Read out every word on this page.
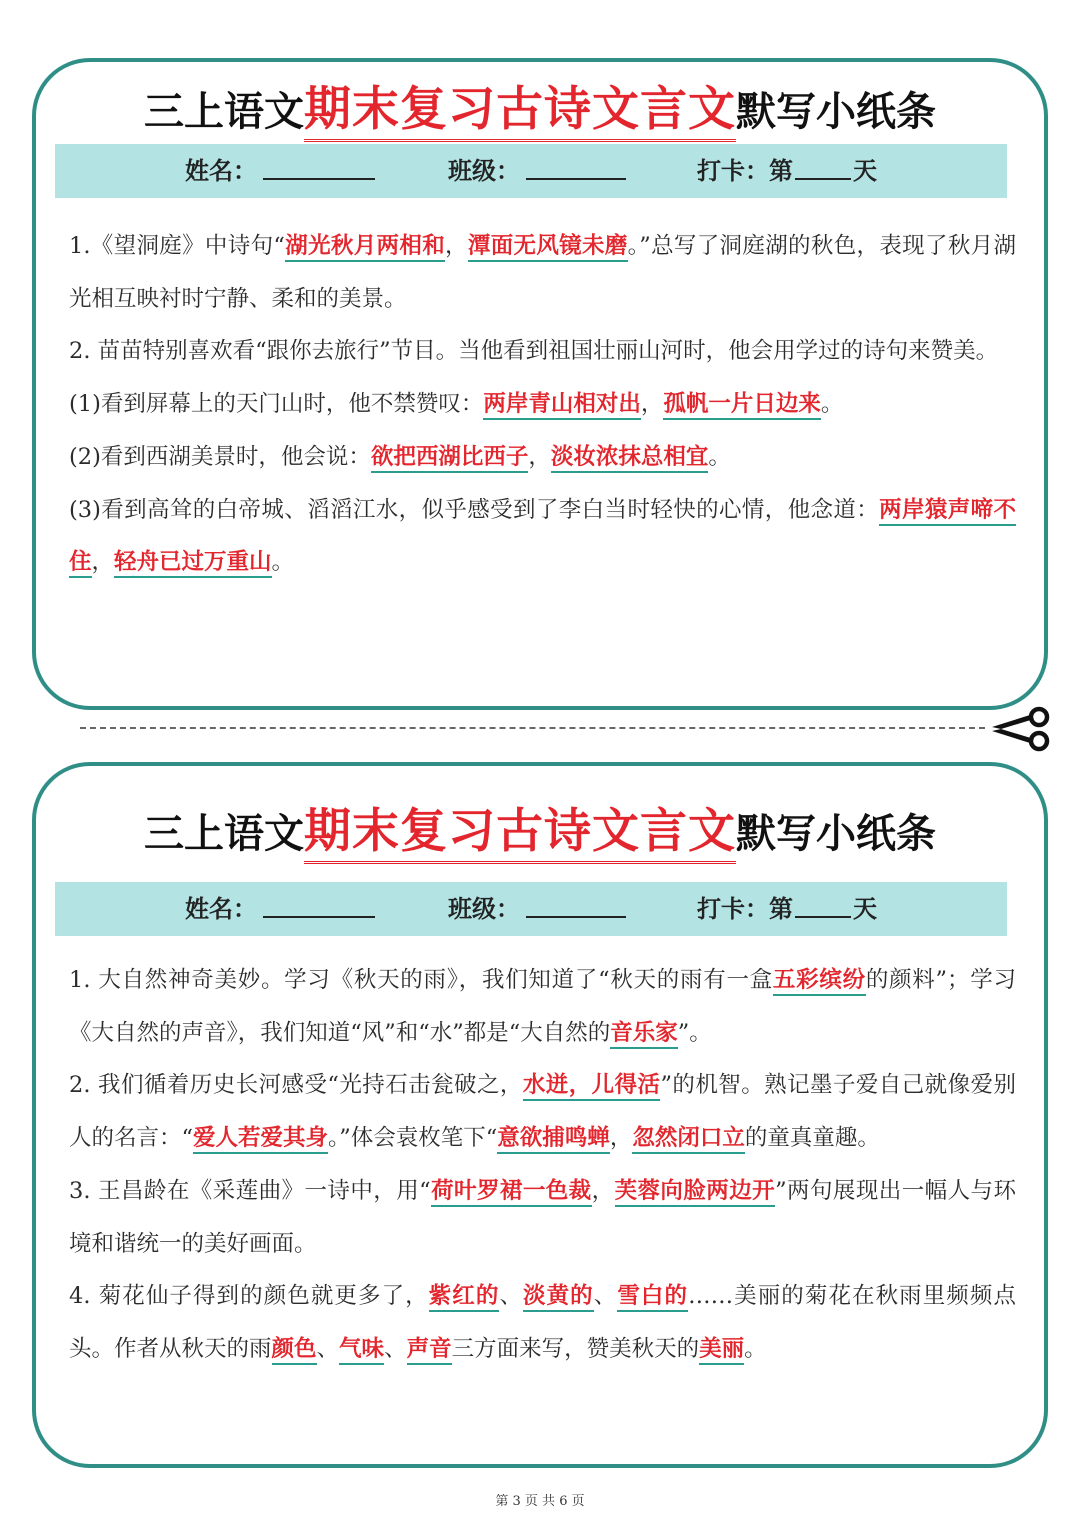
三上语文期末复习古诗文言文默写小纸条
姓名：	班级：	打卡：第	天

1.《望洞庭》中诗句“湖光秋月两相和，潭面无风镜未磨。”总写了洞庭湖的秋色，表现了秋月湖光相互映衬时宁静、柔和的美景。

2. 苗苗特别喜欢看“跟你去旅行”节目。当他看到祖国壮丽山河时，他会用学过的诗句来赞美。

(1)看到屏幕上的天门山时，他不禁赞叹：两岸青山相对出，孤帆一片日边来。

(2)看到西湖美景时，他会说：欲把西湖比西子，淡妆浓抹总相宜。

(3)看到高耸的白帝城、滔滔江水，似乎感受到了李白当时轻快的心情，他念道：两岸猿声啼不住，轻舟已过万重山。

三上语文期末复习古诗文言文默写小纸条
姓名：	班级：	打卡：第	天

1. 大自然神奇美妙。学习《秋天的雨》，我们知道了“秋天的雨有一盒五彩缤纷的颜料”；学习《大自然的声音》，我们知道“风”和“水”都是“大自然的音乐家”。

2. 我们循着历史长河感受“光持石击瓮破之，水迸，儿得活”的机智。熟记墨子爱自己就像爱别人的名言：“爱人若爱其身。”体会袁枚笔下“意欲捕鸣蝉，忽然闭口立的童真童趣。

3. 王昌龄在《采莲曲》一诗中，用“荷叶罗裙一色裁，芙蓉向脸两边开”两句展现出一幅人与环境和谐统一的美好画面。

4. 菊花仙子得到的颜色就更多了，紫红的、淡黄的、雪白的……美丽的菊花在秋雨里频频点头。作者从秋天的雨颜色、气味、声音三方面来写，赞美秋天的美丽。

第 3 页 共 6 页
